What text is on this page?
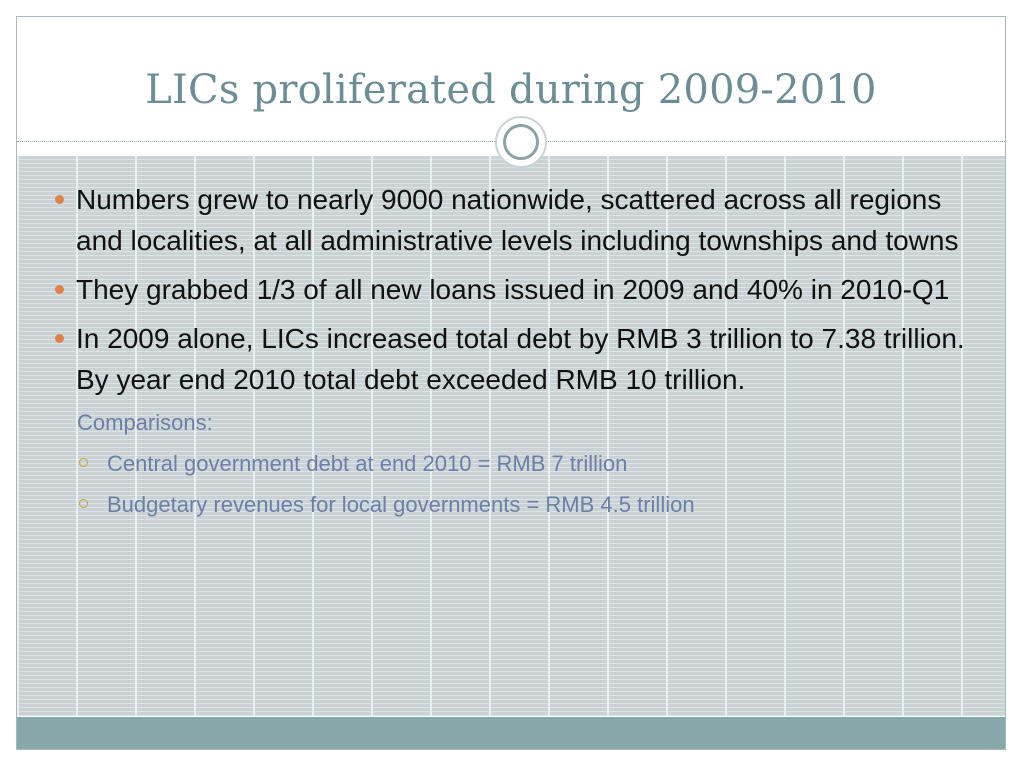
LICs proliferated during 2009-2010
Numbers grew to nearly 9000 nationwide, scattered across all regions and localities, at all administrative levels including townships and towns
They grabbed 1/3 of all new loans issued in 2009 and 40% in 2010-Q1
In 2009 alone, LICs increased total debt by RMB 3 trillion to 7.38 trillion. By year end 2010 total debt exceeded RMB 10 trillion.
Comparisons:
Central government debt at end 2010 = RMB 7 trillion
Budgetary revenues for local governments = RMB 4.5 trillion
